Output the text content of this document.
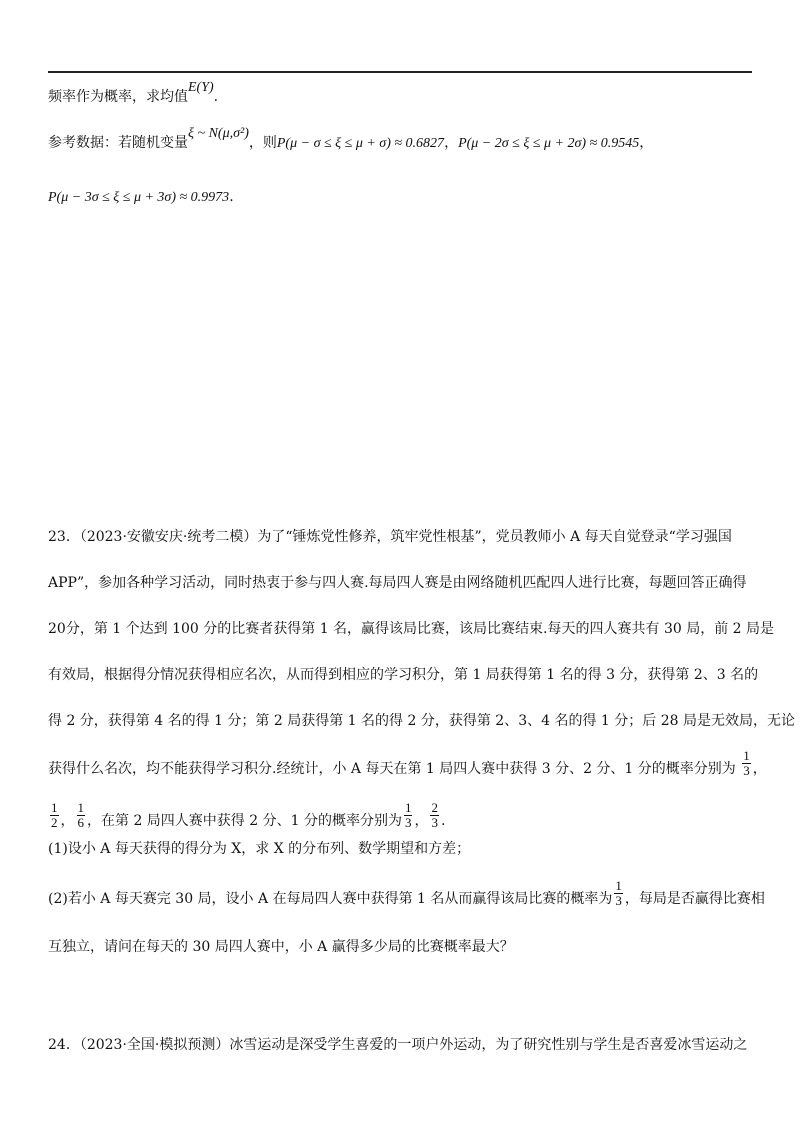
频率作为概率，求均值E(Y).
参考数据：若随机变量ξ ~ N(μ,σ²)，则P(μ − σ ≤ ξ ≤ μ + σ) ≈ 0.6827，P(μ − 2σ ≤ ξ ≤ μ + 2σ) ≈ 0.9545，
P(μ − 3σ ≤ ξ ≤ μ + 3σ) ≈ 0.9973.
23．（2023·安徽安庆·统考二模）为了“锤炼党性修养，筑牢党性根基”，党员教师小 A 每天自觉登录“学习强国
APP”，参加各种学习活动，同时热衷于参与四人赛.每局四人赛是由网络随机匹配四人进行比赛，每题回答正确得
20分，第 1 个达到 100 分的比赛者获得第 1 名，赢得该局比赛，该局比赛结束.每天的四人赛共有 30 局，前 2 局是
有效局，根据得分情况获得相应名次，从而得到相应的学习积分，第 1 局获得第 1 名的得 3 分，获得第 2、3 名的
得 2 分，获得第 4 名的得 1 分；第 2 局获得第 1 名的得 2 分，获得第 2、3、4 名的得 1 分；后 28 局是无效局，无论
获得什么名次，均不能获得学习积分.经统计，小 A 每天在第 1 局四人赛中获得 3 分、2 分、1 分的概率分别为 $\frac{1}{3}$ ，
$\frac{1}{2}$ ， $\frac{1}{6}$ ，在第 2 局四人赛中获得 2 分、1 分的概率分别为 $\frac{1}{3}$ ， $\frac{2}{3}$ .
(1)设小 A 每天获得的得分为 X，求 X 的分布列、数学期望和方差；
(2)若小 A 每天赛完 30 局，设小 A 在每局四人赛中获得第 1 名从而赢得该局比赛的概率为 $\frac{1}{3}$ ，每局是否赢得比赛相
互独立，请问在每天的 30 局四人赛中，小 A 赢得多少局的比赛概率最大？
24．（2023·全国·模拟预测）冰雪运动是深受学生喜爱的一项户外运动，为了研究性别与学生是否喜爱冰雪运动之
